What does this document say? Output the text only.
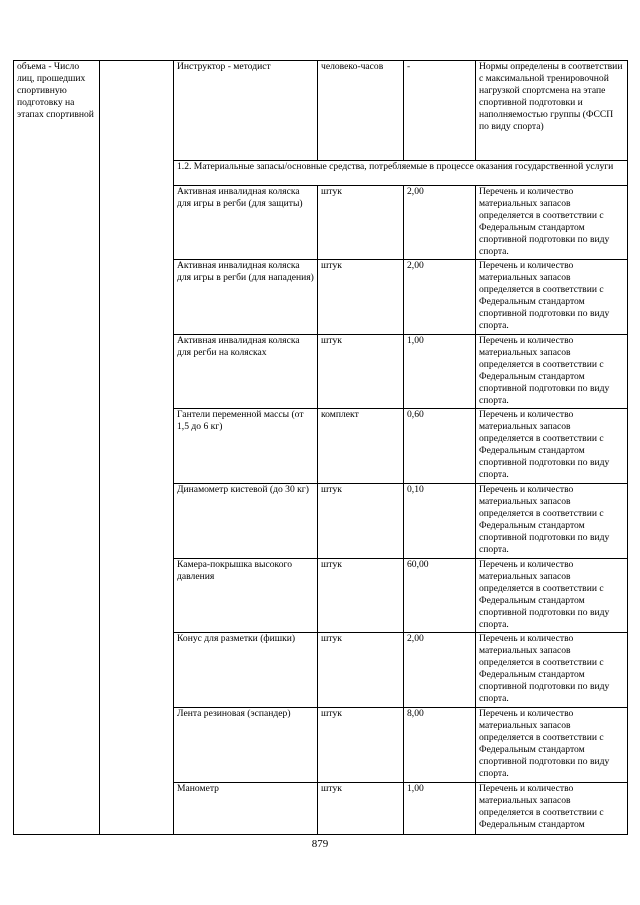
объема - Число лиц, прошедших спортивную подготовку на этапах спортивной		Инструктор - методист	человеко-часов	-	Нормы определены в соответствии с максимальной тренировочной нагрузкой спортсмена на этапе спортивной подготовки и наполняемостью группы (ФССП по виду спорта)
		1.2. Материальные запасы/основные средства, потребляемые в процессе оказания государственной услуги			
		Активная инвалидная коляска для игры в регби (для защиты)	штук	2,00	Перечень и количество материальных запасов определяется в соответствии с Федеральным стандартом спортивной подготовки по виду спорта.
		Активная инвалидная коляска для игры в регби (для нападения)	штук	2,00	Перечень и количество материальных запасов определяется в соответствии с Федеральным стандартом спортивной подготовки по виду спорта.
		Активная инвалидная коляска для регби на колясках	штук	1,00	Перечень и количество материальных запасов определяется в соответствии с Федеральным стандартом спортивной подготовки по виду спорта.
		Гантели переменной массы (от 1,5 до 6 кг)	комплект	0,60	Перечень и количество материальных запасов определяется в соответствии с Федеральным стандартом спортивной подготовки по виду спорта.
		Динамометр кистевой (до 30 кг)	штук	0,10	Перечень и количество материальных запасов определяется в соответствии с Федеральным стандартом спортивной подготовки по виду спорта.
		Камера-покрышка высокого давления	штук	60,00	Перечень и количество материальных запасов определяется в соответствии с Федеральным стандартом спортивной подготовки по виду спорта.
		Конус для разметки (фишки)	штук	2,00	Перечень и количество материальных запасов определяется в соответствии с Федеральным стандартом спортивной подготовки по виду спорта.
		Лента резиновая (эспандер)	штук	8,00	Перечень и количество материальных запасов определяется в соответствии с Федеральным стандартом спортивной подготовки по виду спорта.
		Манометр	штук	1,00	Перечень и количество материальных запасов определяется в соответствии с Федеральным стандартом
879
